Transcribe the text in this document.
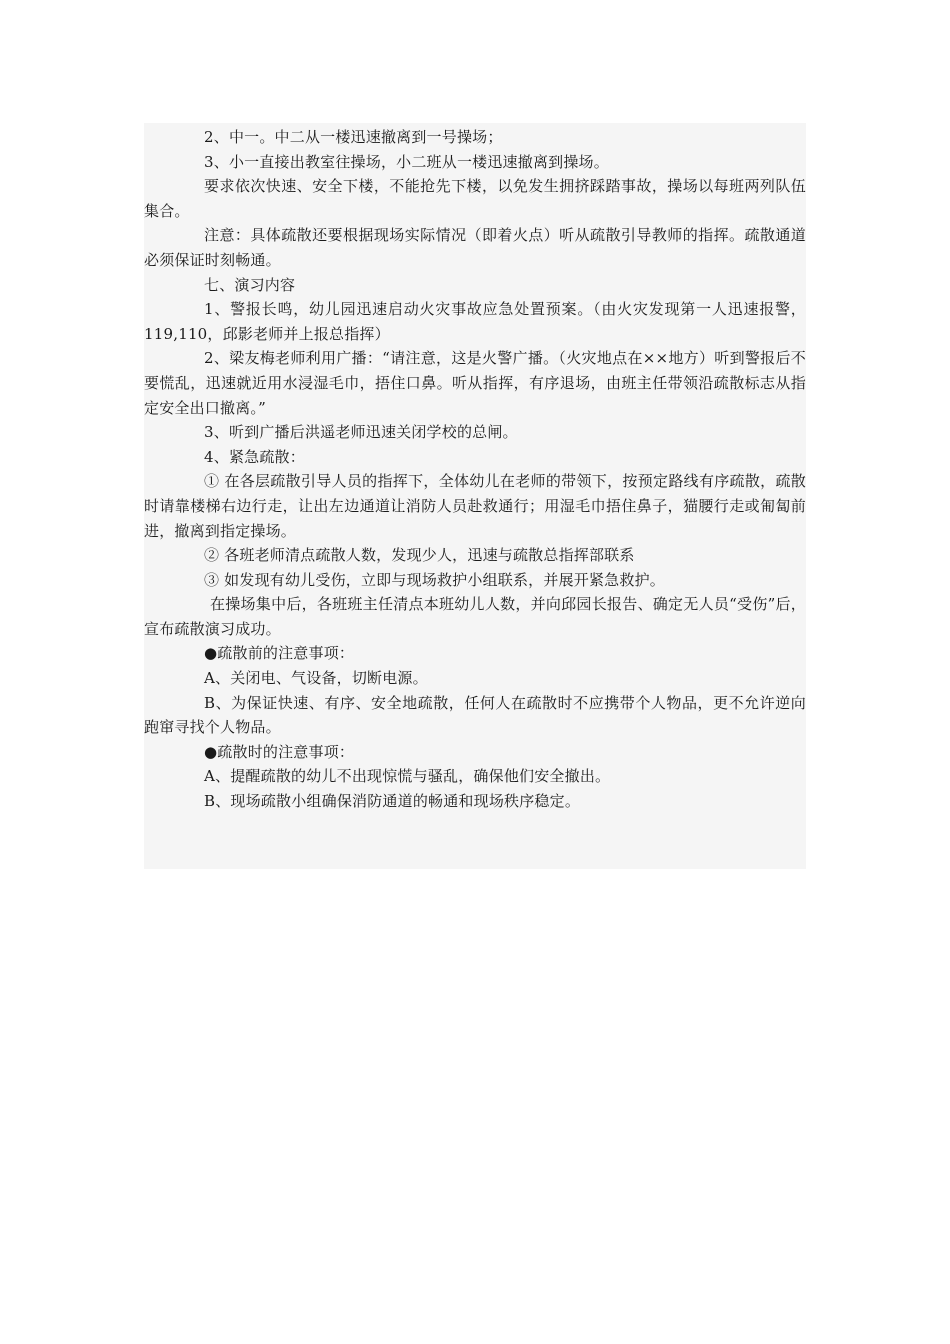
2、中一。中二从一楼迅速撤离到一号操场；

3、小一直接出教室往操场，小二班从一楼迅速撤离到操场。

要求依次快速、安全下楼，不能抢先下楼，以免发生拥挤踩踏事故，操场以每班两列队伍集合。

注意：具体疏散还要根据现场实际情况（即着火点）听从疏散引导教师的指挥。疏散通道必须保证时刻畅通。

七、演习内容

1、警报长鸣，幼儿园迅速启动火灾事故应急处置预案。（由火灾发现第一人迅速报警，119,110，邱影老师并上报总指挥）

2、梁友梅老师利用广播：“请注意，这是火警广播。（火灾地点在××地方）听到警报后不要慌乱，迅速就近用水浸湿毛巾，捂住口鼻。听从指挥，有序退场，由班主任带领沿疏散标志从指定安全出口撤离。”

3、听到广播后洪遥老师迅速关闭学校的总闸。

4、紧急疏散：

① 在各层疏散引导人员的指挥下，全体幼儿在老师的带领下，按预定路线有序疏散，疏散时请靠楼梯右边行走，让出左边通道让消防人员赴救通行；用湿毛巾捂住鼻子，猫腰行走或匍匐前进，撤离到指定操场。

② 各班老师清点疏散人数，发现少人，迅速与疏散总指挥部联系

③ 如发现有幼儿受伤，立即与现场救护小组联系，并展开紧急救护。

在操场集中后，各班班主任清点本班幼儿人数，并向邱园长报告、确定无人员“受伤”后，宣布疏散演习成功。

●疏散前的注意事项：

A、关闭电、气设备，切断电源。

B、为保证快速、有序、安全地疏散，任何人在疏散时不应携带个人物品，更不允许逆向跑窜寻找个人物品。

●疏散时的注意事项：

A、提醒疏散的幼儿不出现惊慌与骚乱，确保他们安全撤出。

B、现场疏散小组确保消防通道的畅通和现场秩序稳定。
